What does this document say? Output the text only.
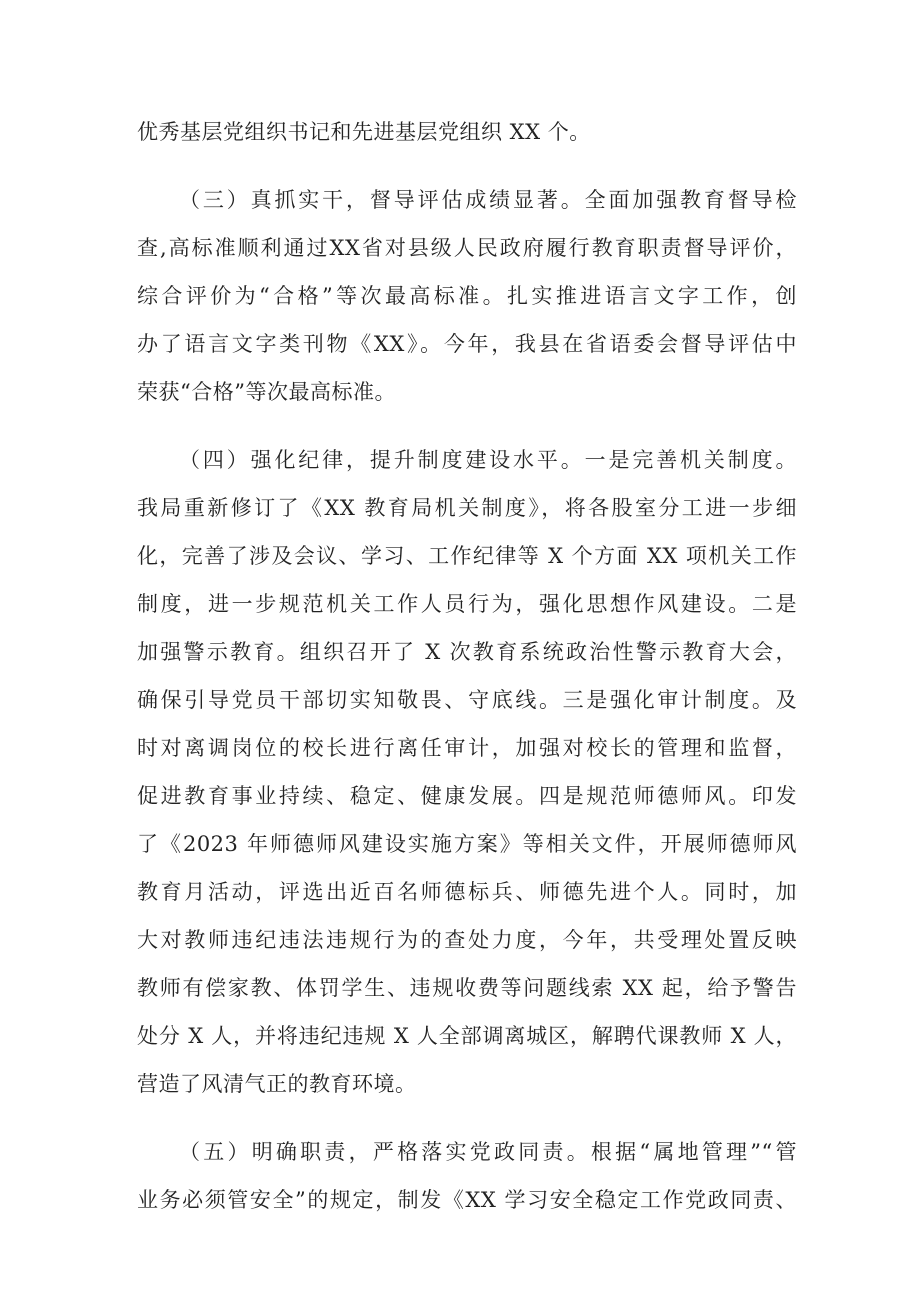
优秀基层党组织书记和先进基层党组织 XX 个。
（三）真抓实干，督导评估成绩显著。全面加强教育督导检
查,高标准顺利通过XX省对县级人民政府履行教育职责督导评价，
综合评价为“合格”等次最高标准。扎实推进语言文字工作，创
办了语言文字类刊物《XX》。今年，我县在省语委会督导评估中
荣获“合格”等次最高标准。
（四）强化纪律，提升制度建设水平。一是完善机关制度。
我局重新修订了《XX 教育局机关制度》，将各股室分工进一步细
化，完善了涉及会议、学习、工作纪律等 X 个方面 XX 项机关工作
制度，进一步规范机关工作人员行为，强化思想作风建设。二是
加强警示教育。组织召开了 X 次教育系统政治性警示教育大会，
确保引导党员干部切实知敬畏、守底线。三是强化审计制度。及
时对离调岗位的校长进行离任审计，加强对校长的管理和监督，
促进教育事业持续、稳定、健康发展。四是规范师德师风。印发
了《2023 年师德师风建设实施方案》等相关文件，开展师德师风
教育月活动，评选出近百名师德标兵、师德先进个人。同时，加
大对教师违纪违法违规行为的查处力度，今年，共受理处置反映
教师有偿家教、体罚学生、违规收费等问题线索 XX 起，给予警告
处分 X 人，并将违纪违规 X 人全部调离城区，解聘代课教师 X 人，
营造了风清气正的教育环境。
（五）明确职责，严格落实党政同责。根据“属地管理”“管
业务必须管安全”的规定，制发《XX 学习安全稳定工作党政同责、
